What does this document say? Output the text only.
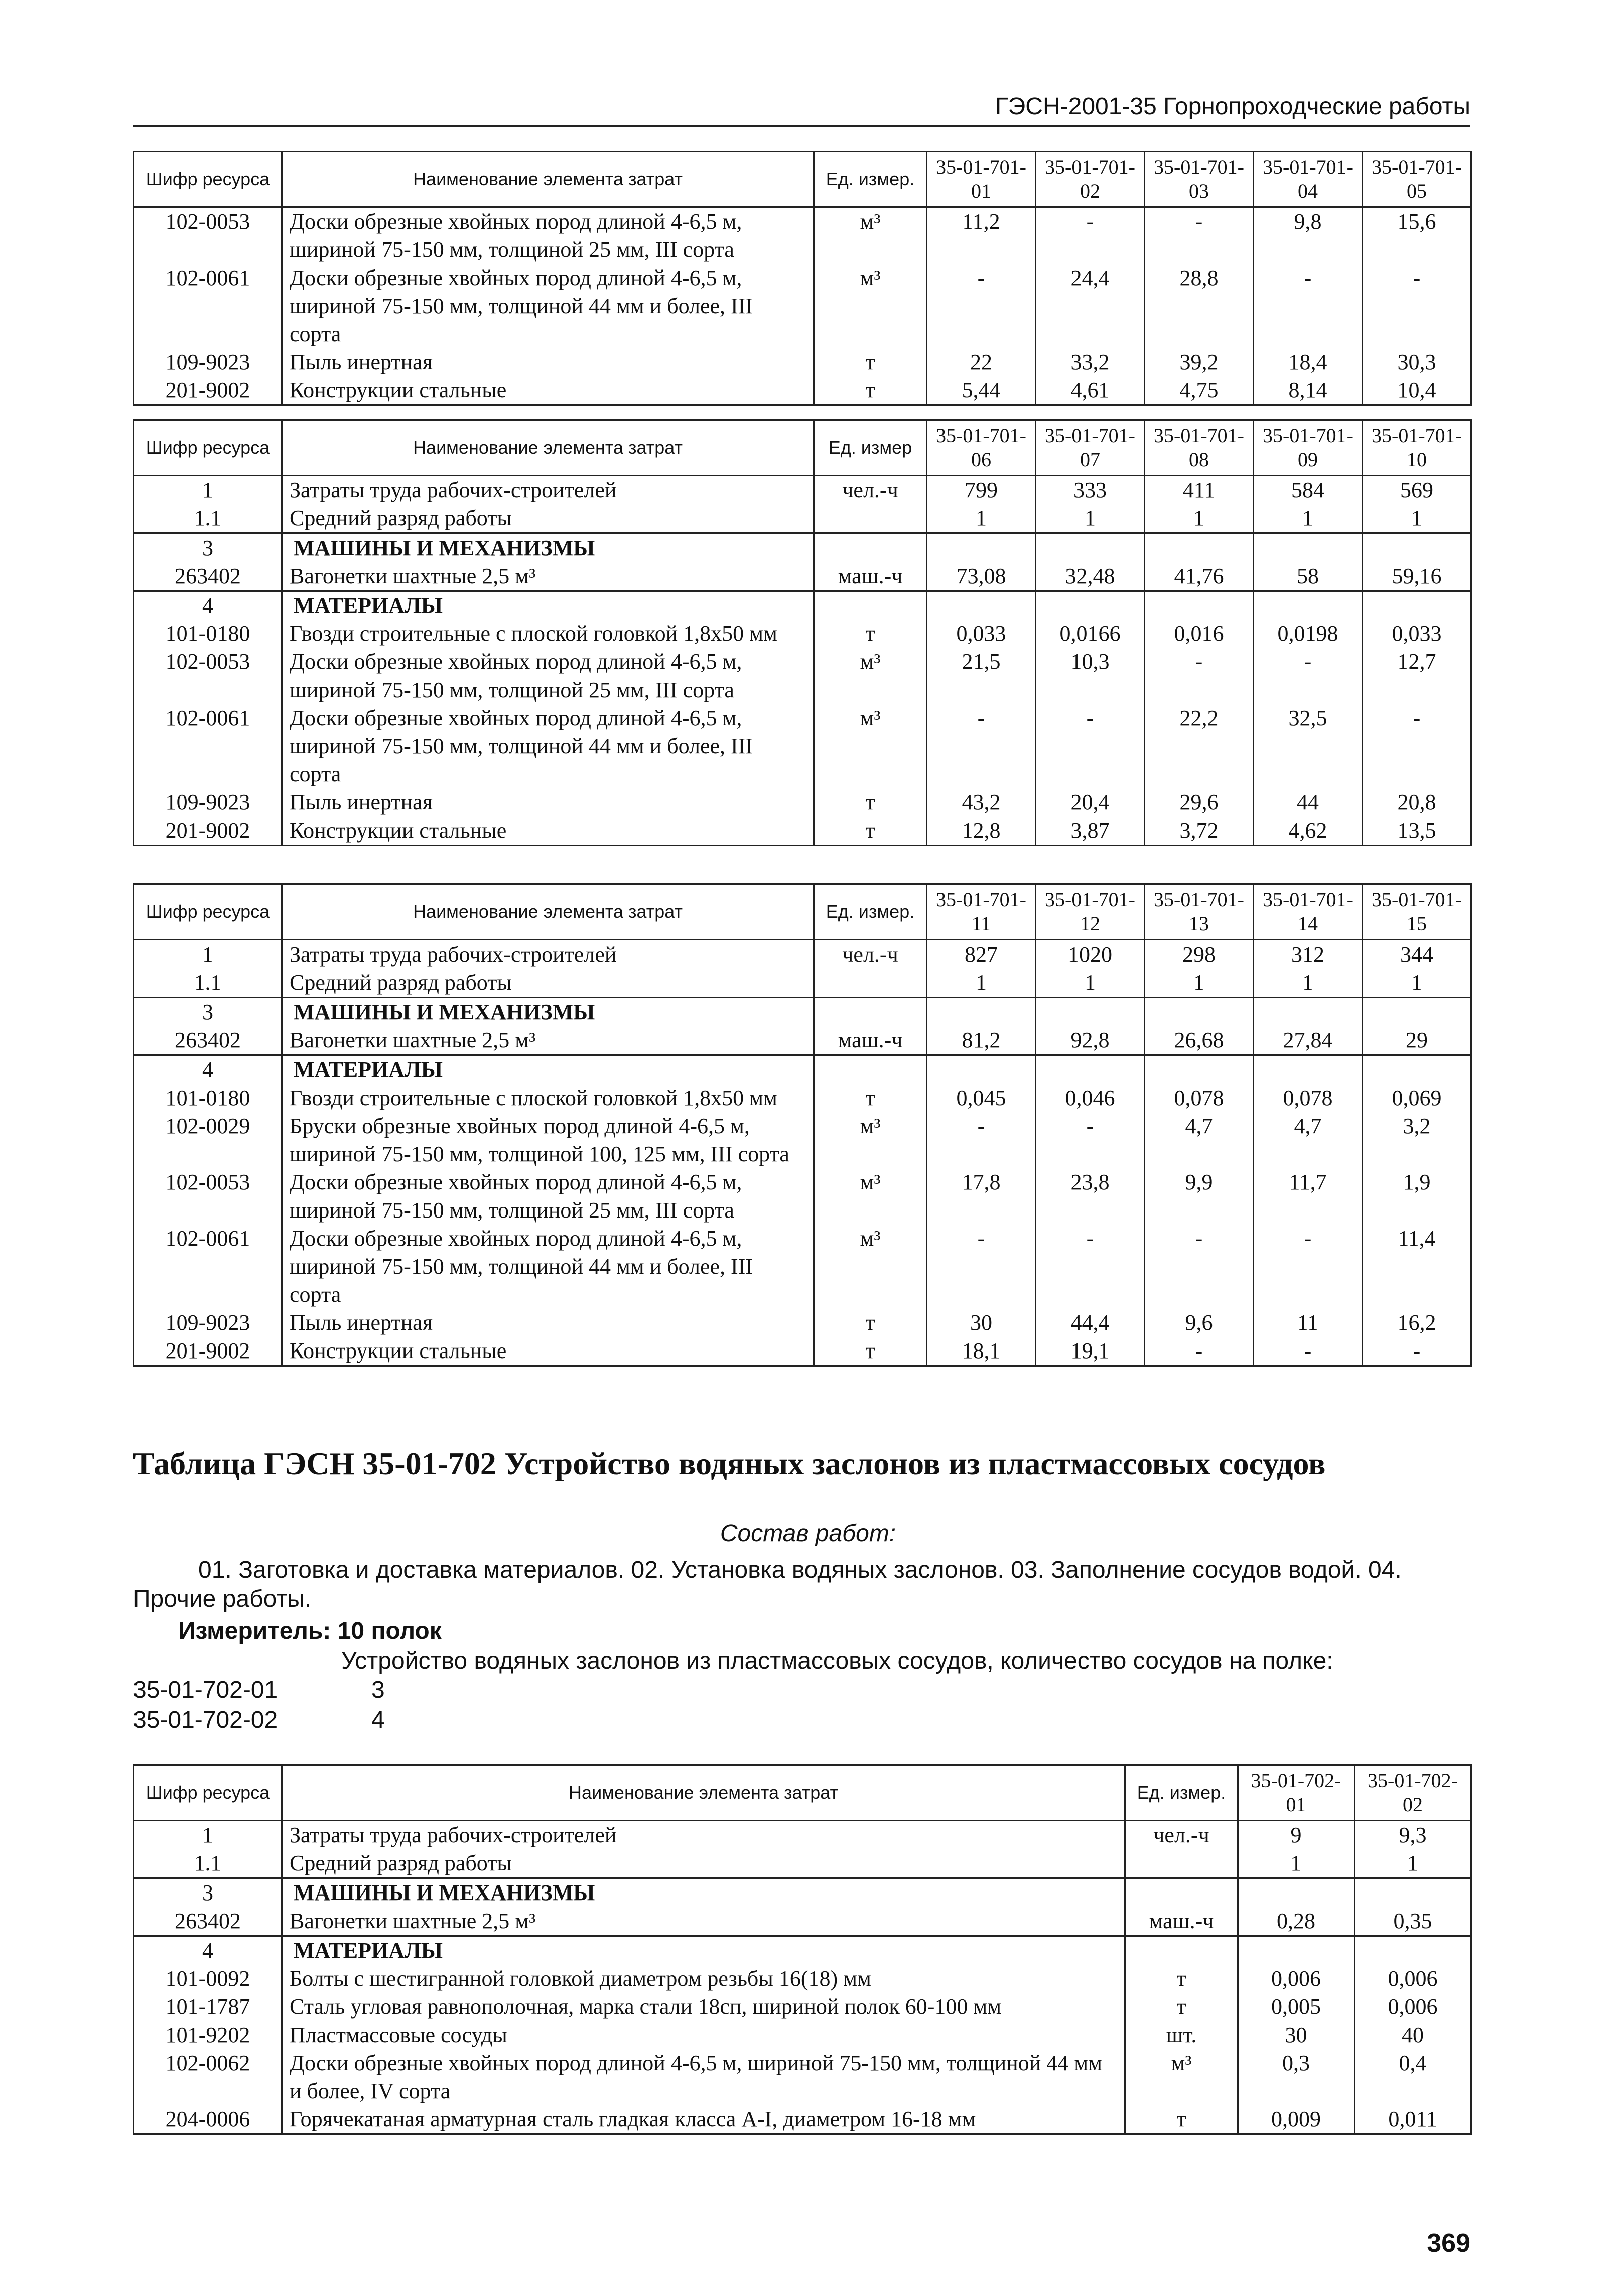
ГЭСН-2001-35 Горнопроходческие работы
Шифр ресурса	Наименование элемента затрат	Ед. измер.	35-01-701-01	35-01-701-02	35-01-701-03	35-01-701-04	35-01-701-05
102-0053	Доски обрезные хвойных пород длиной 4-6,5 м, шириной 75-150 мм, толщиной 25 мм, III сорта	м³	11,2	-	-	9,8	15,6
102-0061	Доски обрезные хвойных пород длиной 4-6,5 м, шириной 75-150 мм, толщиной 44 мм и более, III сорта	м³	-	24,4	28,8	-	-
109-9023	Пыль инертная	т	22	33,2	39,2	18,4	30,3
201-9002	Конструкции стальные	т	5,44	4,61	4,75	8,14	10,4
Шифр ресурса	Наименование элемента затрат	Ед. измер	35-01-701-06	35-01-701-07	35-01-701-08	35-01-701-09	35-01-701-10
1	Затраты труда рабочих-строителей	чел.-ч	799	333	411	584	569
1.1	Средний разряд работы		1	1	1	1	1
3	МАШИНЫ И МЕХАНИЗМЫ						
263402	Вагонетки шахтные 2,5 м³	маш.-ч	73,08	32,48	41,76	58	59,16
4	МАТЕРИАЛЫ						
101-0180	Гвозди строительные с плоской головкой 1,8x50 мм	т	0,033	0,0166	0,016	0,0198	0,033
102-0053	Доски обрезные хвойных пород длиной 4-6,5 м, шириной 75-150 мм, толщиной 25 мм, III сорта	м³	21,5	10,3	-	-	12,7
102-0061	Доски обрезные хвойных пород длиной 4-6,5 м, шириной 75-150 мм, толщиной 44 мм и более, III сорта	м³	-	-	22,2	32,5	-
109-9023	Пыль инертная	т	43,2	20,4	29,6	44	20,8
201-9002	Конструкции стальные	т	12,8	3,87	3,72	4,62	13,5
Шифр ресурса	Наименование элемента затрат	Ед. измер.	35-01-701-11	35-01-701-12	35-01-701-13	35-01-701-14	35-01-701-15
1	Затраты труда рабочих-строителей	чел.-ч	827	1020	298	312	344
1.1	Средний разряд работы		1	1	1	1	1
3	МАШИНЫ И МЕХАНИЗМЫ						
263402	Вагонетки шахтные 2,5 м³	маш.-ч	81,2	92,8	26,68	27,84	29
4	МАТЕРИАЛЫ						
101-0180	Гвозди строительные с плоской головкой 1,8x50 мм	т	0,045	0,046	0,078	0,078	0,069
102-0029	Бруски обрезные хвойных пород длиной 4-6,5 м, шириной 75-150 мм, толщиной 100, 125 мм, III сорта	м³	-	-	4,7	4,7	3,2
102-0053	Доски обрезные хвойных пород длиной 4-6,5 м, шириной 75-150 мм, толщиной 25 мм, III сорта	м³	17,8	23,8	9,9	11,7	1,9
102-0061	Доски обрезные хвойных пород длиной 4-6,5 м, шириной 75-150 мм, толщиной 44 мм и более, III сорта	м³	-	-	-	-	11,4
109-9023	Пыль инертная	т	30	44,4	9,6	11	16,2
201-9002	Конструкции стальные	т	18,1	19,1	-	-	-
Таблица ГЭСН 35-01-702 Устройство водяных заслонов из пластмассовых сосудов
Состав работ:
01. Заготовка и доставка материалов. 02. Установка водяных заслонов. 03. Заполнение сосудов водой. 04. Прочие работы.
Измеритель: 10 полок
Устройство водяных заслонов из пластмассовых сосудов, количество сосудов на полке:
35-01-702-01	3
35-01-702-02	4
Шифр ресурса	Наименование элемента затрат	Ед. измер.	35-01-702-01	35-01-702-02
1	Затраты труда рабочих-строителей	чел.-ч	9	9,3
1.1	Средний разряд работы		1	1
3	МАШИНЫ И МЕХАНИЗМЫ			
263402	Вагонетки шахтные 2,5 м³	маш.-ч	0,28	0,35
4	МАТЕРИАЛЫ			
101-0092	Болты с шестигранной головкой диаметром резьбы 16(18) мм	т	0,006	0,006
101-1787	Сталь угловая равнополочная, марка стали 18сп, шириной полок 60-100 мм	т	0,005	0,006
101-9202	Пластмассовые сосуды	шт.	30	40
102-0062	Доски обрезные хвойных пород длиной 4-6,5 м, шириной 75-150 мм, толщиной 44 мм и более, IV сорта	м³	0,3	0,4
204-0006	Горячекатаная арматурная сталь гладкая класса А-I, диаметром 16-18 мм	т	0,009	0,011
369
